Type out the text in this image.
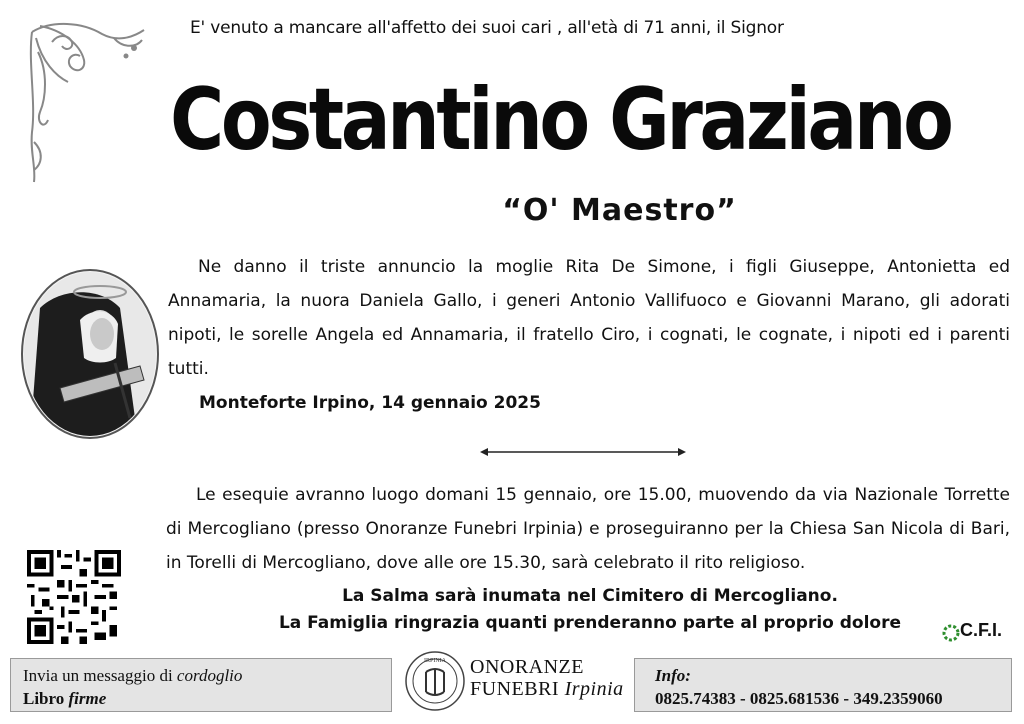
E' venuto a mancare all'affetto dei suoi cari , all'età di 71 anni, il Signor
Costantino Graziano
“O' Maestro”
Ne danno il triste annuncio la moglie Rita De Simone, i figli Giuseppe, Antonietta ed Annamaria, la nuora Daniela Gallo, i generi Antonio Vallifuoco e Giovanni Marano, gli adorati nipoti, le sorelle Angela ed Annamaria, il fratello Ciro, i cognati, le cognate, i nipoti ed i parenti tutti.
Monteforte Irpino, 14 gennaio 2025
Le esequie avranno luogo domani 15 gennaio, ore 15.00, muovendo da via Nazionale Torrette di Mercogliano (presso Onoranze Funebri Irpinia) e proseguiranno per la Chiesa San Nicola di Bari, in Torelli di Mercogliano, dove alle ore 15.30, sarà celebrato il rito religioso.
La Salma sarà inumata nel Cimitero di Mercogliano.
La Famiglia ringrazia quanti prenderanno parte al proprio dolore	C.F.I.
Invia un messaggio di cordoglio
Libro firme
IRPINIA ONORANZE
FUNEBRI Irpinia
Info:
0825.74383 - 0825.681536 - 349.2359060
